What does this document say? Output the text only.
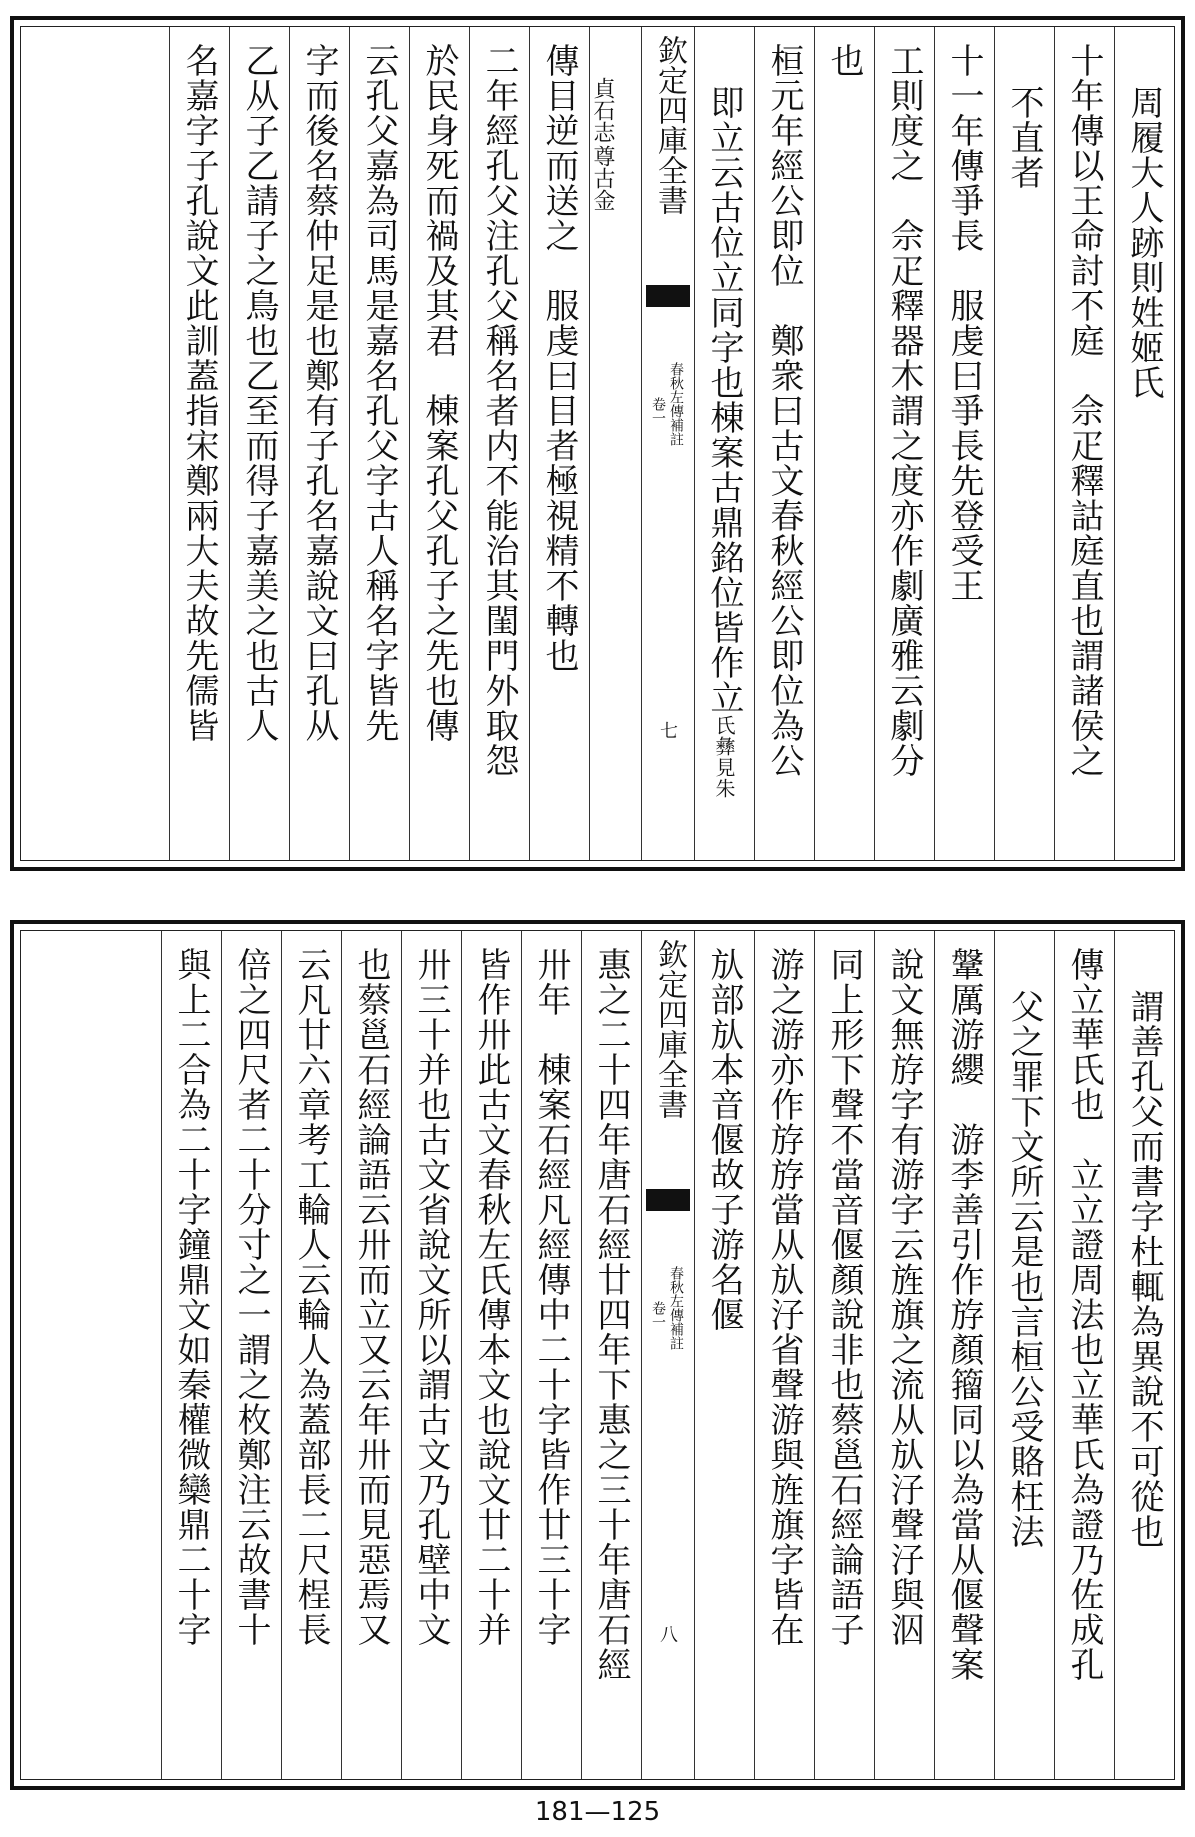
周履大人跡則姓姬氏
十年傳以王命討不庭　佘疋釋詁庭直也謂諸侯之
不直者
十一年傳爭長　服虔曰爭長先登受王
工則度之　佘疋釋器木謂之度亦作劇廣雅云劇分
也
桓元年經公即位　鄭衆曰古文春秋經公即位為公
即立云古位立同字也棟案古鼎銘位皆作立
見朱
氏彝
欽定四庫全書
春秋左傳補註
卷一
七
尊古金
貞石志
傳目逆而送之　服虔曰目者極視精不轉也
二年經孔父注孔父稱名者内不能治其閨門外取怨
於民身死而禍及其君　棟案孔父孔子之先也傳
云孔父嘉為司馬是嘉名孔父字古人稱名字皆先
字而後名蔡仲足是也鄭有子孔名嘉說文曰孔从
乙从子乙請子之鳥也乙至而得子嘉美之也古人
名嘉字子孔說文此訓蓋指宋鄭兩大夫故先儒皆
謂善孔父而書字杜輒為異說不可從也
傳立華氏也　立立證周法也立華氏為證乃佐成孔
父之罪下文所云是也言桓公受賂枉法
鞶厲游纓　游李善引作斿顏籀同以為當从偃聲案
說文無斿字有游字云旌旗之流从㫃汓聲汓與泅
同上形下聲不當音偃顏說非也蔡邕石經論語子
游之游亦作斿斿當从㫃汓省聲游與旌旗字皆在
㫃部㫃本音偃故子游名偃
欽定四庫全書
春秋左傳補註
卷一
八
惠之二十四年唐石經廿四年下惠之三十年唐石經
卅年　棟案石經凡經傳中二十字皆作廿三十字
皆作卅此古文春秋左氏傳本文也說文廿二十并
卅三十并也古文省說文所以謂古文乃孔壁中文
也蔡邕石經論語云卅而立又云年卅而見惡焉又
云凡廿六章考工輪人云輪人為蓋部長二尺桯長
倍之四尺者二十分寸之一謂之枚鄭注云故書十
與上二合為二十字鐘鼎文如秦權微欒鼎二十字
181—125
